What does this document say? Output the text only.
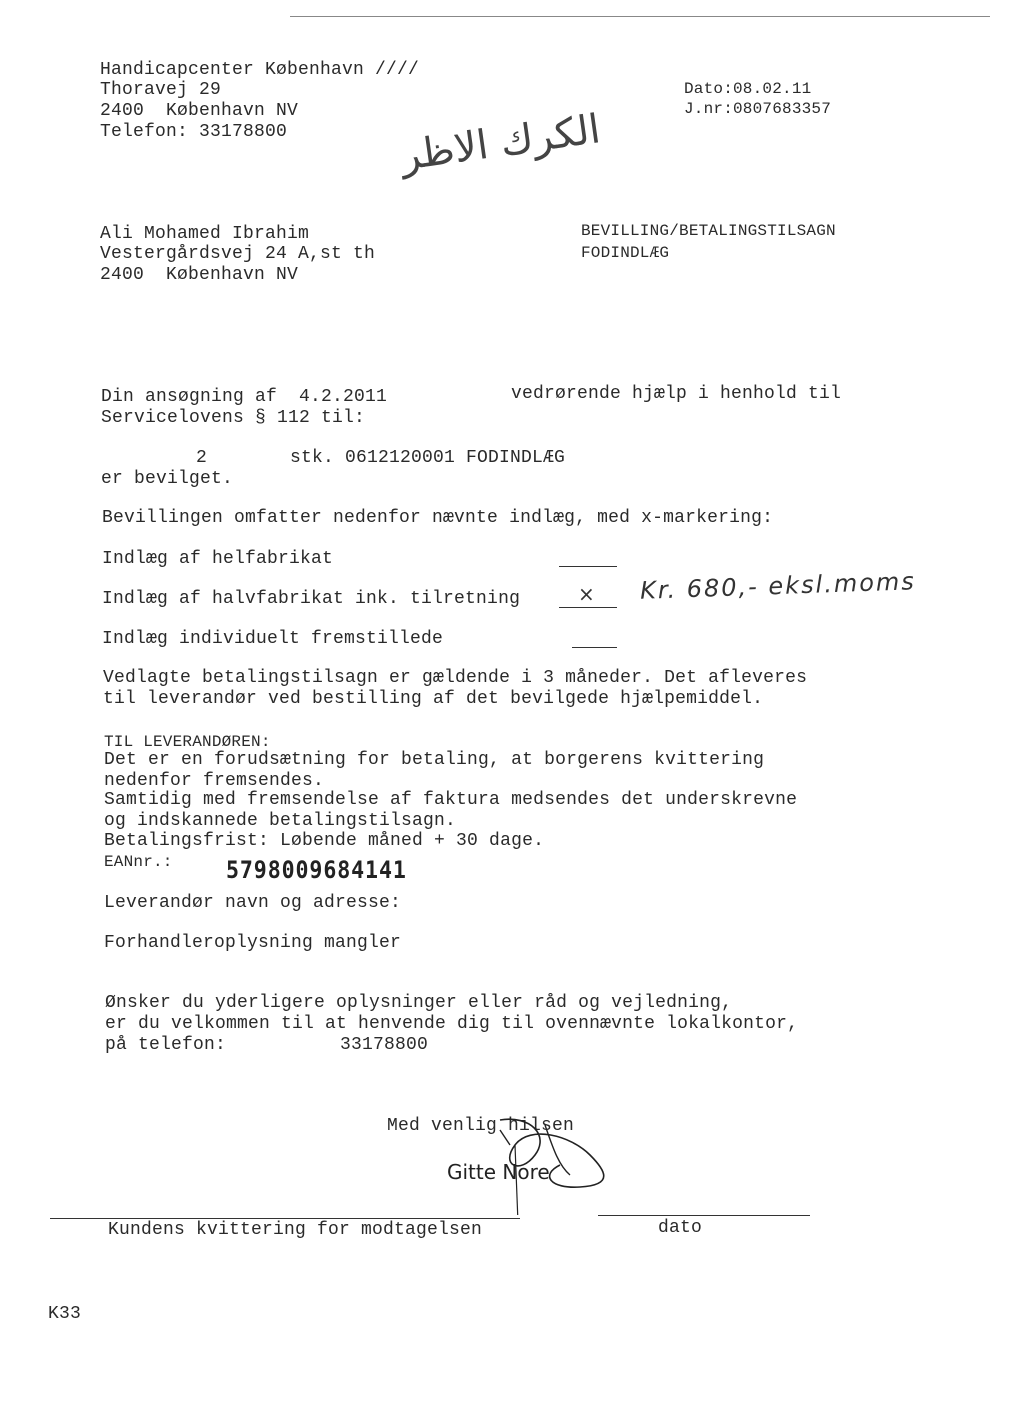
Handicapcenter København ////
Thoravej 29
2400  København NV
Telefon: 33178800
Dato:08.02.11
J.nr:0807683357
الكرك الاظر
Ali Mohamed Ibrahim
Vestergårdsvej 24 A,st th
2400  København NV
BEVILLING/BETALINGSTILSAGN
FODINDLÆG
Din ansøgning af  4.2.2011	vedrørende hjælp i henhold til
Servicelovens § 112 til:
2	stk. 0612120001 FODINDLÆG
er bevilget.
Bevillingen omfatter nedenfor nævnte indlæg, med x-markering:
Indlæg af helfabrikat
Indlæg af halvfabrikat ink. tilretning	× Kr. 680,- eksl.moms
Indlæg individuelt fremstillede
Vedlagte betalingstilsagn er gældende i 3 måneder. Det afleveres
til leverandør ved bestilling af det bevilgede hjælpemiddel.
TIL LEVERANDØREN:
Det er en forudsætning for betaling, at borgerens kvittering
nedenfor fremsendes.
Samtidig med fremsendelse af faktura medsendes det underskrevne
og indskannede betalingstilsagn.
Betalingsfrist: Løbende måned + 30 dage.
EANnr.: 5798009684141
Leverandør navn og adresse:
Forhandleroplysning mangler
Ønsker du yderligere oplysninger eller råd og vejledning,
er du velkommen til at henvende dig til ovennævnte lokalkontor,
på telefon:	33178800
Med venlig hilsen
Gitte Nore
Kundens kvittering for modtagelsen	dato
K33
